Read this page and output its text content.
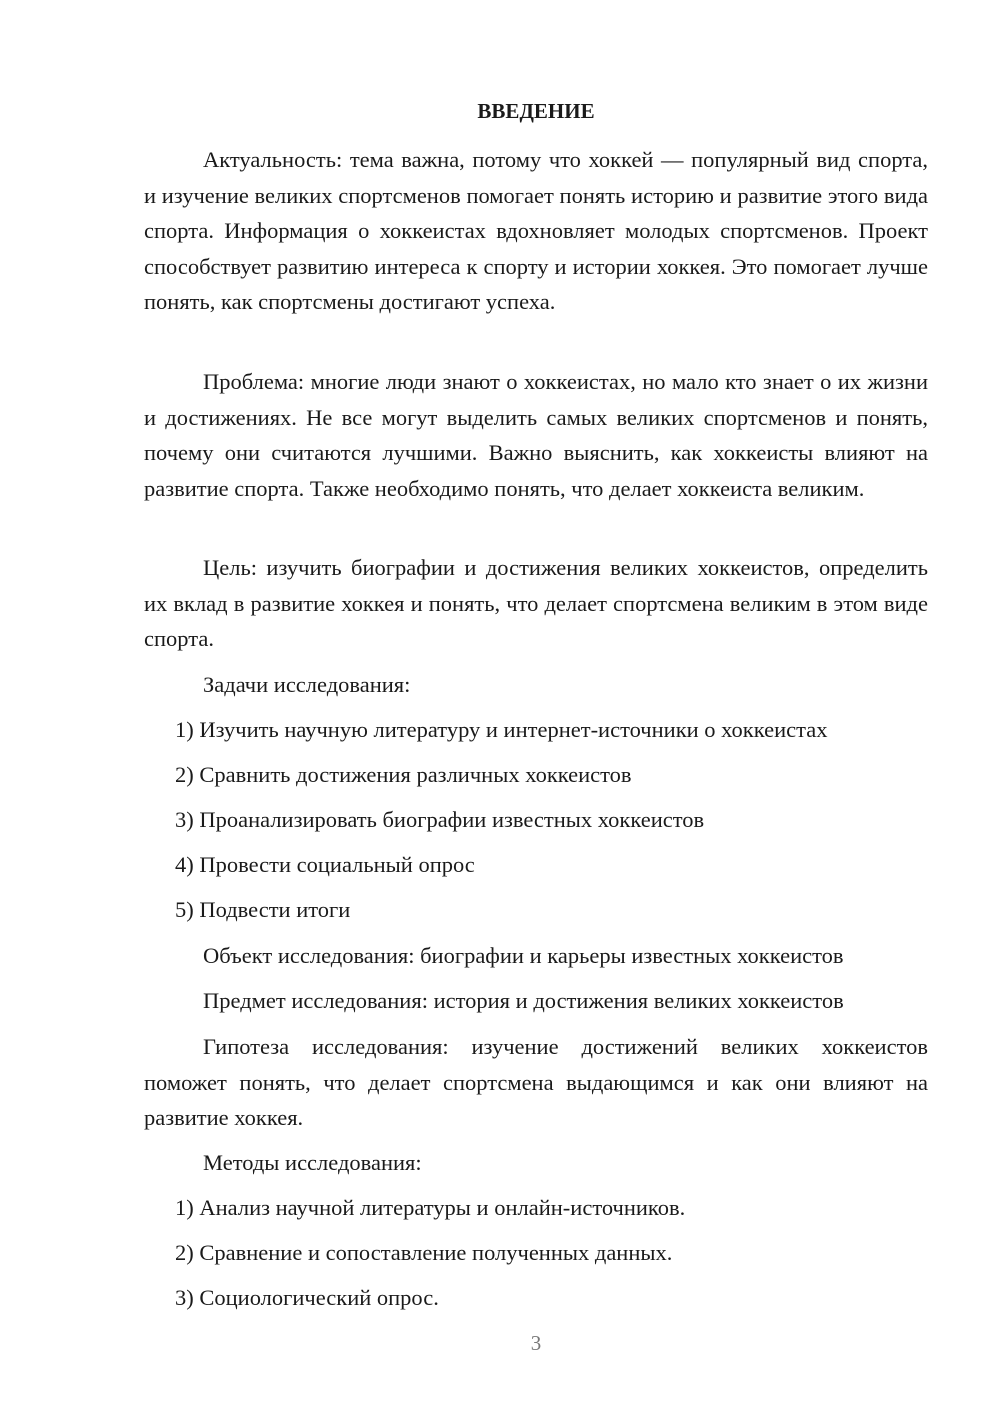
ВВЕДЕНИЕ

Актуальность: тема важна, потому что хоккей — популярный вид спорта, и изучение великих спортсменов помогает понять историю и развитие этого вида спорта. Информация о хоккеистах вдохновляет молодых спортсменов. Проект способствует развитию интереса к спорту и истории хоккея. Это помогает лучше понять, как спортсмены достигают успеха.

Проблема: многие люди знают о хоккеистах, но мало кто знает о их жизни и достижениях. Не все могут выделить самых великих спортсменов и понять, почему они считаются лучшими. Важно выяснить, как хоккеисты влияют на развитие спорта. Также необходимо понять, что делает хоккеиста великим.

Цель: изучить биографии и достижения великих хоккеистов, определить их вклад в развитие хоккея и понять, что делает спортсмена великим в этом виде спорта.

Задачи исследования:

1) Изучить научную литературу и интернет-источники о хоккеистах

2) Сравнить достижения различных хоккеистов

3) Проанализировать биографии известных хоккеистов

4) Провести социальный опрос

5) Подвести итоги

Объект исследования: биографии и карьеры известных хоккеистов

Предмет исследования: история и достижения великих хоккеистов

Гипотеза исследования: изучение достижений великих хоккеистов поможет понять, что делает спортсмена выдающимся и как они влияют на развитие хоккея.

Методы исследования:

1) Анализ научной литературы и онлайн-источников.

2) Сравнение и сопоставление полученных данных.

3) Социологический опрос.

3
